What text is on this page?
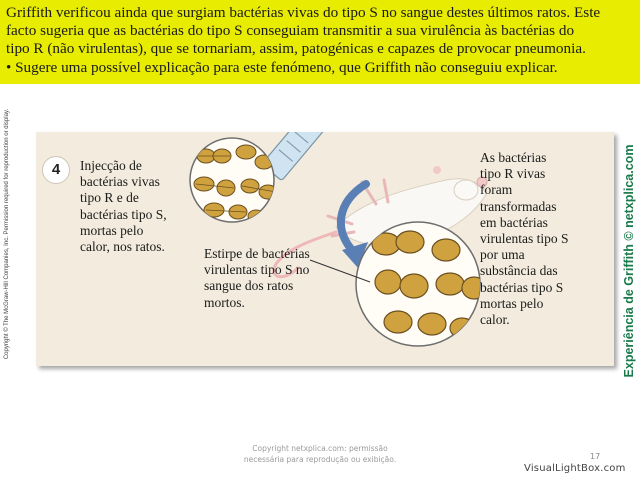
Griffith verificou ainda que surgiam bactérias vivas do tipo S no sangue destes últimos ratos. Este
facto sugeria que as bactérias do tipo S conseguiam transmitir a sua virulência às bactérias do
tipo R (não virulentas), que se tornariam, assim, patogénicas e capazes de provocar pneumonia.
• Sugere uma possível explicação para este fenómeno, que Griffith não conseguiu explicar.

Copyright © The McGraw-Hill Companies, Inc. Permission required for reproduction or display.	Experiência de Griffith © netxplica.com
4	Injecção de
bactérias vivas
tipo R e de
bactérias tipo S,
mortas pelo
calor, nos ratos.	Estirpe de bactérias
virulentas tipo S no
sangue dos ratos
mortos.
As bactérias
tipo R vivas
foram
transformadas
em bactérias
virulentas tipo S
por uma
substância das
bactérias tipo S
mortas pelo
calor.
Copyright netxplica.com: permissão
necessária para reprodução ou exibição.	17
VisualLightBox.com
